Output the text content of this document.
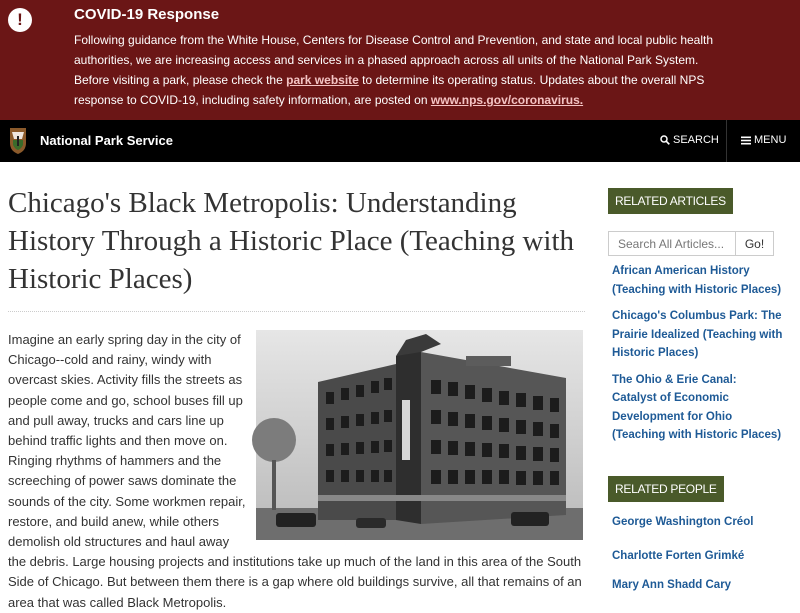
!	COVID-19 Response
Following guidance from the White House, Centers for Disease Control and Prevention, and state and local public health authorities, we are increasing access and services in a phased approach across all units of the National Park System. Before visiting a park, please check the park website to determine its operating status. Updates about the overall NPS response to COVID-19, including safety information, are posted on www.nps.gov/coronavirus.
National Park Service	SEARCH	MENU
Chicago's Black Metropolis: Understanding History Through a Historic Place (Teaching with Historic Places)
Imagine an early spring day in the city of Chicago--cold and rainy, windy with overcast skies. Activity fills the streets as people come and go, school buses fill up and pull away, trucks and cars line up behind traffic lights and then move on. Ringing rhythms of hammers and the screeching of power saws dominate the sounds of the city. Some workmen repair, restore, and build anew, while others demolish old structures and haul away the debris. Large housing projects and institutions take up much of the land in this area of the South Side of Chicago. But between them there is a gap where old buildings survive, all that remains of an area that was called Black Metropolis.
RELATED ARTICLES
Search All Articles...
Go!
African American History (Teaching with Historic Places)
Chicago's Columbus Park: The Prairie Idealized (Teaching with Historic Places)
The Ohio & Erie Canal: Catalyst of Economic Development for Ohio (Teaching with Historic Places)
RELATED PEOPLE
George Washington Créol
Charlotte Forten Grimké
Mary Ann Shadd Cary
